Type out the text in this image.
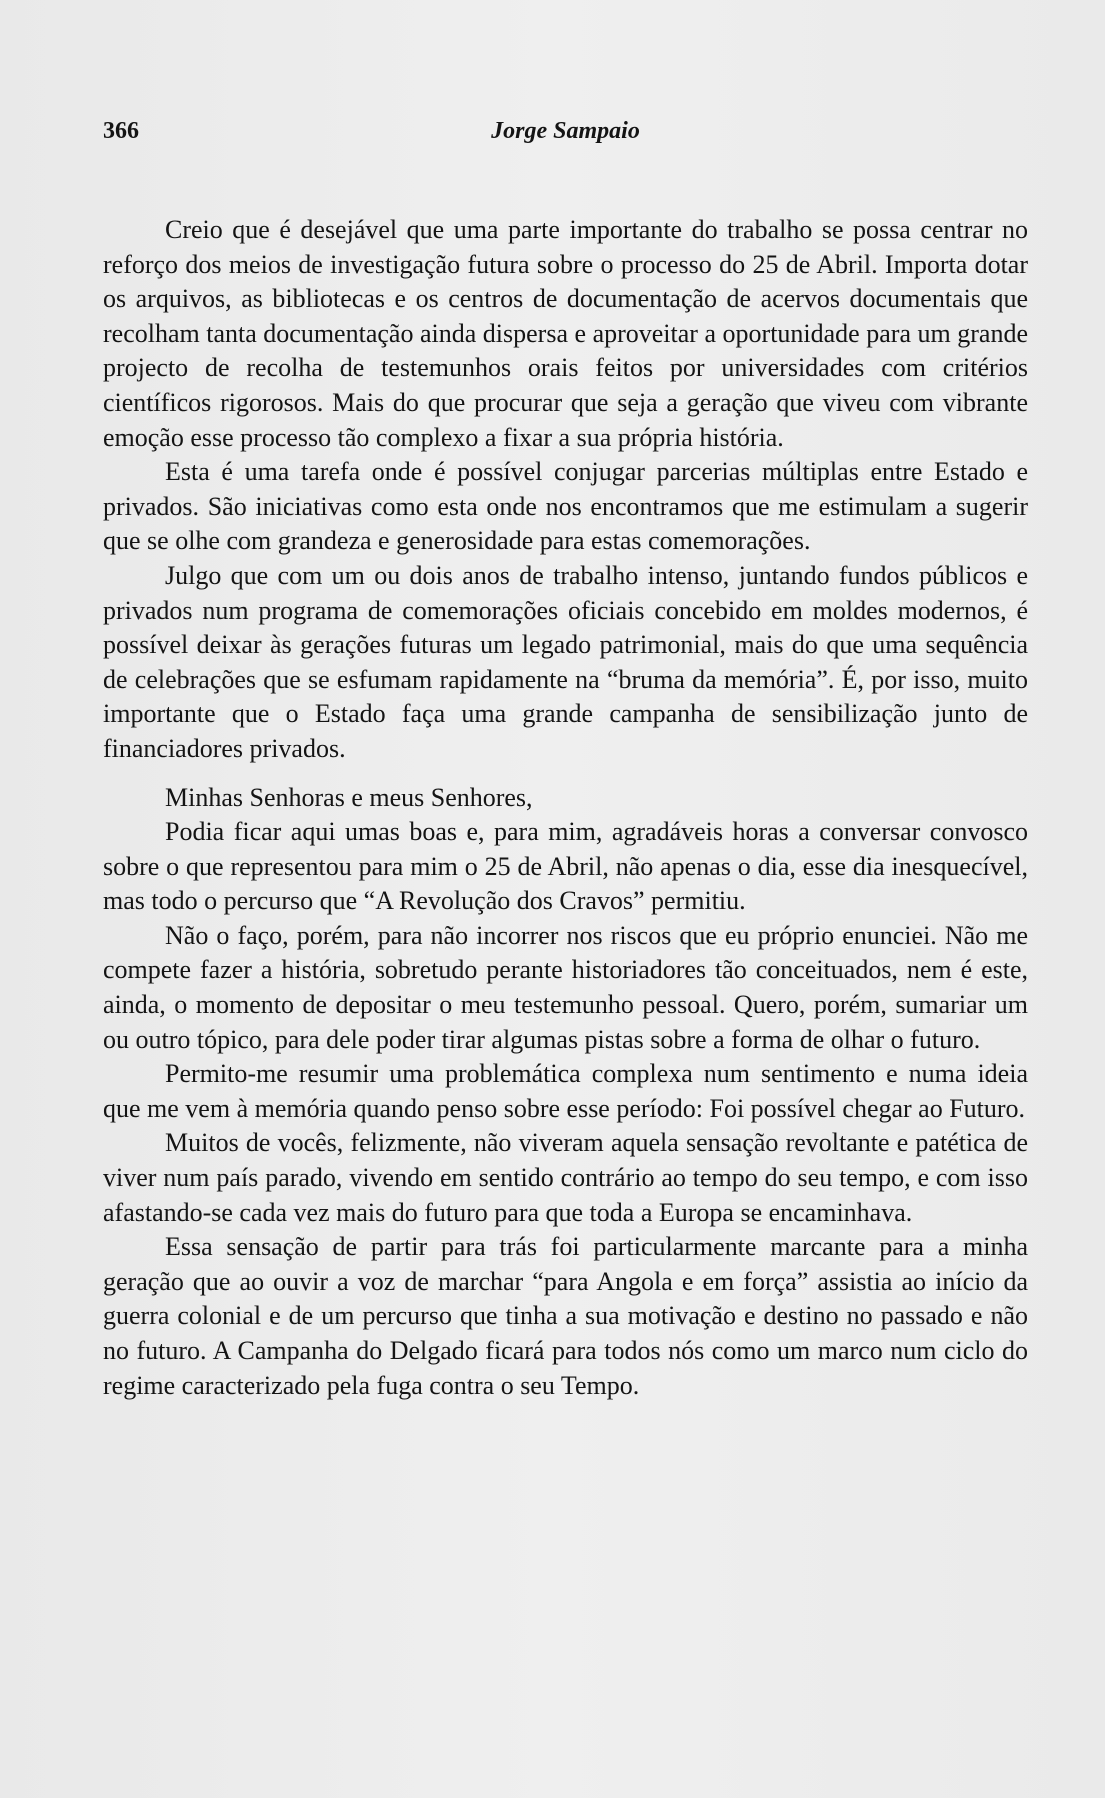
366	Jorge Sampaio

Creio que é desejável que uma parte importante do trabalho se possa centrar no reforço dos meios de investigação futura sobre o processo do 25 de Abril. Importa dotar os arquivos, as bibliotecas e os centros de documentação de acervos documentais que recolham tanta documentação ainda dispersa e aproveitar a oportunidade para um grande projecto de recolha de testemunhos orais feitos por universidades com critérios científicos rigorosos. Mais do que procurar que seja a geração que viveu com vibrante emoção esse processo tão complexo a fixar a sua própria história.

Esta é uma tarefa onde é possível conjugar parcerias múltiplas entre Estado e privados. São iniciativas como esta onde nos encontramos que me estimulam a sugerir que se olhe com grandeza e generosidade para estas comemorações.

Julgo que com um ou dois anos de trabalho intenso, juntando fundos públicos e privados num programa de comemorações oficiais concebido em moldes modernos, é possível deixar às gerações futuras um legado patrimonial, mais do que uma sequência de celebrações que se esfumam rapidamente na “bruma da memória”. É, por isso, muito importante que o Estado faça uma grande campanha de sensibilização junto de financiadores privados.

Minhas Senhoras e meus Senhores,

Podia ficar aqui umas boas e, para mim, agradáveis horas a conversar convosco sobre o que representou para mim o 25 de Abril, não apenas o dia, esse dia inesquecível, mas todo o percurso que “A Revolução dos Cravos” permitiu.

Não o faço, porém, para não incorrer nos riscos que eu próprio enunciei. Não me compete fazer a história, sobretudo perante historiadores tão conceituados, nem é este, ainda, o momento de depositar o meu testemunho pessoal. Quero, porém, sumariar um ou outro tópico, para dele poder tirar algumas pistas sobre a forma de olhar o futuro.

Permito-me resumir uma problemática complexa num sentimento e numa ideia que me vem à memória quando penso sobre esse período: Foi possível chegar ao Futuro.

Muitos de vocês, felizmente, não viveram aquela sensação revoltante e patética de viver num país parado, vivendo em sentido contrário ao tempo do seu tempo, e com isso afastando-se cada vez mais do futuro para que toda a Europa se encaminhava.

Essa sensação de partir para trás foi particularmente marcante para a minha geração que ao ouvir a voz de marchar “para Angola e em força” assistia ao início da guerra colonial e de um percurso que tinha a sua motivação e destino no passado e não no futuro. A Campanha do Delgado ficará para todos nós como um marco num ciclo do regime caracterizado pela fuga contra o seu Tempo.
